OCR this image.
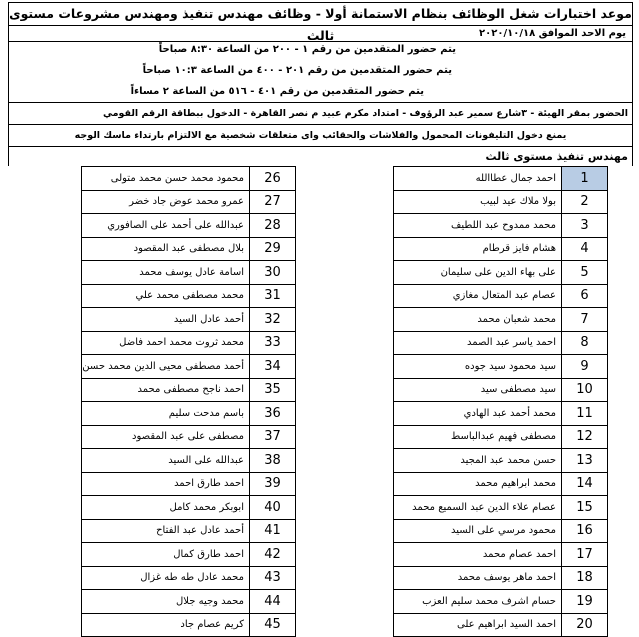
موعد اختبارات شغل الوظائف بنظام الاستمانة أولا - وظائف مهندس تنفيذ ومهندس مشروعات مستوى ثالث	يوم الاحد الموافق ٢٠٢٠/١٠/١٨
يتم حضور المتقدمين من رقم ١ - ٢٠٠ من الساعة ٨:٣٠ صباحاً
يتم حضور المتقدمين من رقم ٢٠١ - ٤٠٠ من الساعة ١٠:٣ صباحاً
يتم حضور المتقدمين من رقم ٤٠١ - ٥١٦ من الساعة ٢ مساءاً
الحضور بمقر الهيئة - ٣شارع سمير عبد الرؤوف - امتداد مكرم عبيد م نصر القاهرة - الدخول ببطاقة الرقم القومي
يمنع دخول التليفونات المحمول والفلاشات والحقائب واى متعلقات شخصية مع الالتزام بارتداء ماسك الوجه
مهندس تنفيذ مستوى ثالث
محمود محمد حسن محمد متولى	26
عمرو محمد عوض جاد خضر	27
عبدالله على أحمد على الصافوري	28
بلال مصطفى عبد المقصود	29
اسامة عادل يوسف محمد	30
محمد مصطفى محمد علي	31
أحمد عادل السيد	32
محمد ثروت محمد احمد فاضل	33
أحمد مصطفى محيى الدين محمد حسن	34
احمد ناجح مصطفى محمد	35
باسم مدحت سليم	36
مصطفى على عبد المقصود	37
عبدالله على السيد	38
احمد طارق احمد	39
ابوبكر محمد كامل	40
أحمد عادل عبد الفتاح	41
احمد طارق كمال	42
محمد عادل طه طه غزال	43
محمد وجيه جلال	44
كريم عصام جاد	45
احمد جمال عطاالله	1
بولا ملاك عيد لبيب	2
محمد ممدوح عبد اللطيف	3
هشام فايز قرطام	4
على بهاء الدين على سليمان	5
عصام عبد المتعال مغازي	6
محمد شعبان محمد	7
احمد ياسر عبد الصمد	8
سيد محمود سيد جوده	9
سيد مصطفى سيد	10
محمد أحمد عبد الهادي	11
مصطفى فهيم عبدالباسط	12
حسن محمد عبد المجيد	13
محمد ابراهيم محمد	14
عصام علاء الدين عبد السميع محمد	15
محمود مرسي على السيد	16
احمد عصام محمد	17
احمد ماهر يوسف محمد	18
حسام اشرف محمد سليم العزب	19
احمد السيد ابراهيم على	20
